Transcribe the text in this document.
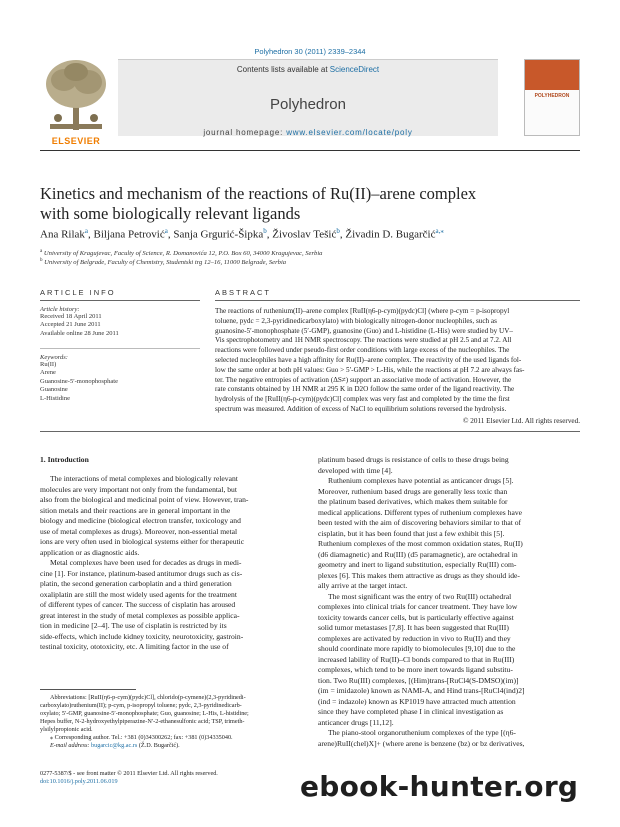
Polyhedron 30 (2011) 2339–2344
ELSEVIER
Contents lists available at ScienceDirect
Polyhedron
journal homepage: www.elsevier.com/locate/poly
POLYHEDRON
Kinetics and mechanism of the reactions of Ru(II)–arene complex
with some biologically relevant ligands
Ana Rilak$^a$, Biljana Petrović$^a$, Sanja Grgurić-Šipka$^b$, Živoslav Tešić$^b$, Živadin D. Bugarčić$^{a,⁎}$
$^a$ University of Kragujevac, Faculty of Science, R. Domanovića 12, P.O. Box 60, 34000 Kragujevac, Serbia
$^b$ University of Belgrade, Faculty of Chemistry, Studentski trg 12–16, 11000 Belgrade, Serbia
ARTICLE INFO	ABSTRACT
Article history:
Received 18 April 2011
Accepted 21 June 2011
Available online 28 June 2011
Keywords:
Ru(II)
Arene
Guanosine-5′-monophosphate
Guanosine
L-Histidine
The reactions of ruthenium(II)–arene complex [RuII(η6-p-cym)(pydc)Cl] (where p-cym = p-isopropyl
toluene, pydc = 2,3-pyridinedicarboxylato) with biologically nitrogen-donor nucleophiles, such as
guanosine-5′-monophosphate (5′-GMP), guanosine (Guo) and L-histidine (L-His) were studied by UV–
Vis spectrophotometry and 1H NMR spectroscopy. The reactions were studied at pH 2.5 and at 7.2. All
reactions were followed under pseudo-first order conditions with large excess of the nucleophiles. The
selected nucleophiles have a high affinity for Ru(II)–arene complex. The reactivity of the used ligands fol-
low the same order at both pH values: Guo > 5′-GMP > L-His, while the reactions at pH 7.2 are always fas-
ter. The negative entropies of activation (ΔS≠) support an associative mode of activation. However, the
rate constants obtained by 1H NMR at 295 K in D2O follow the same order of the ligand reactivity. The
hydrolysis of the [RuII(η6-p-cym)(pydc)Cl] complex was very fast and completed by the time the first
spectrum was measured. Addition of excess of NaCl to equilibrium solutions reversed the hydrolysis.
© 2011 Elsevier Ltd. All rights reserved.
1. Introduction

The interactions of metal complexes and biologically relevant
molecules are very important not only from the fundamental, but
also from the biological and medicinal point of view. However, tran-
sition metals and their reactions are in general important in the
biology and medicine (biological electron transfer, toxicology and
use of metal complexes as drugs). Moreover, non-essential metal
ions are very often used in biological systems either for therapeutic
application or as diagnostic aids.

Metal complexes have been used for decades as drugs in medi-
cine [1]. For instance, platinum-based antitumor drugs such as cis-
platin, the second generation carboplatin and a third generation
oxaliplatin are still the most widely used agents for the treatment
of different types of cancer. The success of cisplatin has aroused
great interest in the study of metal complexes as possible applica-
tion in medicine [2–4]. The use of cisplatin is restricted by its
side-effects, which include kidney toxicity, neurotoxicity, gastroin-
testinal toxicity, ototoxicity, etc. A limiting factor in the use of

platinum based drugs is resistance of cells to these drugs being
developed with time [4].

Ruthenium complexes have potential as anticancer drugs [5].
Moreover, ruthenium based drugs are generally less toxic than
the platinum based derivatives, which makes them suitable for
medical applications. Different types of ruthenium complexes have
been tested with the aim of discovering behaviors similar to that of
cisplatin, but it has been found that just a few exhibit this [5].
Ruthenium complexes of the most common oxidation states, Ru(II)
(d6 diamagnetic) and Ru(III) (d5 paramagnetic), are octahedral in
geometry and inert to ligand substitution, especially Ru(III) com-
plexes [6]. This makes them attractive as drugs as they should ide-
ally arrive at the target intact.

The most significant was the entry of two Ru(III) octahedral
complexes into clinical trials for cancer treatment. They have low
toxicity towards cancer cells, but is particularly effective against
solid tumor metastases [7,8]. It has been suggested that Ru(III)
complexes are activated by reduction in vivo to Ru(II) and they
should coordinate more rapidly to biomolecules [9,10] due to the
increased lability of Ru(II)–Cl bonds compared to that in Ru(III)
complexes, which tend to be more inert towards ligand substitu-
tion. Two Ru(III) complexes, [(Him)trans-[RuCl4(S-DMSO)(im)]
(im = imidazole) known as NAMI-A, and Hind trans-[RuCl4(ind)2]
(ind = indazole) known as KP1019 have attracted much attention
since they have completed phase I in clinical investigation as
anticancer drugs [11,12].

The piano-stool organoruthenium complexes of the type [(η6-
arene)RuII(chel)X]+ (where arene is benzene (bz) or bz derivatives,

Abbreviations: [RuII(η6-p-cym)(pydc)Cl], chlorido(p-cymene)(2,3-pyridinedi-
carboxylato)ruthenium(II); p-cym, p-isopropyl toluene; pydc, 2,3-pyridinedicarb-
oxylato; 5′-GMP, guanosine-5′-monophosphate; Guo, guanosine; L-His, L-histidine;
Hepes buffer, N-2-hydroxyethylpiperazine-N′-2-ethanesulfonic acid; TSP, trimeth-
ylsilylpropionic acid.
⁎ Corresponding author. Tel.: +381 (0)34300262; fax: +381 (0)34335040.
E-mail address: bugarcic@kg.ac.rs (Ž.D. Bugarčić).
0277-5387/$ - see front matter © 2011 Elsevier Ltd. All rights reserved.
doi:10.1016/j.poly.2011.06.019	ebook-hunter.org
